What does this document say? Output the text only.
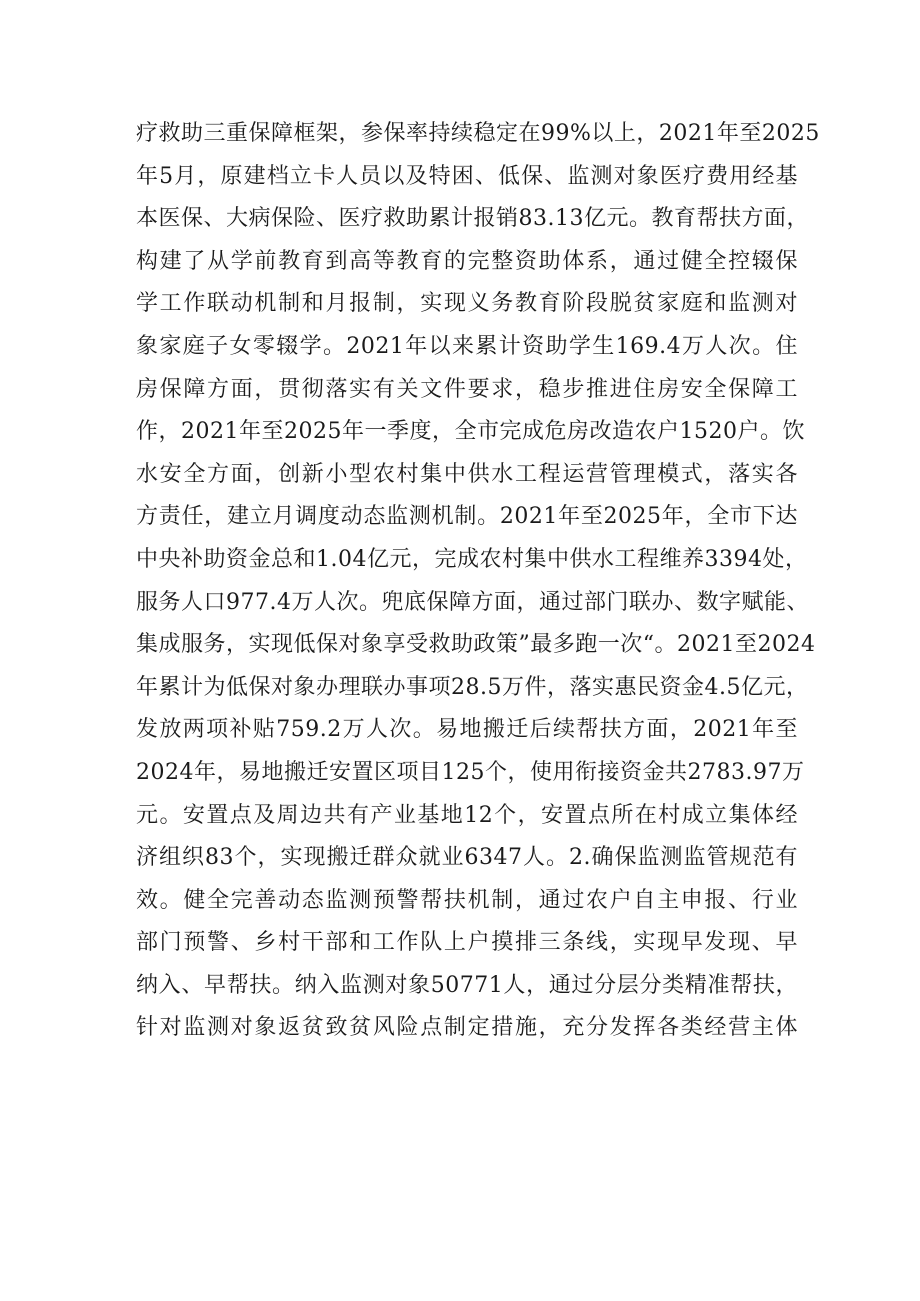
疗救助三重保障框架，参保率持续稳定在99%以上，2021年至2025
年5月，原建档立卡人员以及特困、低保、监测对象医疗费用经基
本医保、大病保险、医疗救助累计报销83.13亿元。教育帮扶方面，
构建了从学前教育到高等教育的完整资助体系，通过健全控辍保
学工作联动机制和月报制，实现义务教育阶段脱贫家庭和监测对
象家庭子女零辍学。2021年以来累计资助学生169.4万人次。住
房保障方面，贯彻落实有关文件要求，稳步推进住房安全保障工
作，2021年至2025年一季度，全市完成危房改造农户1520户。饮
水安全方面，创新小型农村集中供水工程运营管理模式，落实各
方责任，建立月调度动态监测机制。2021年至2025年，全市下达
中央补助资金总和1.04亿元，完成农村集中供水工程维养3394处，
服务人口977.4万人次。兜底保障方面，通过部门联办、数字赋能、
集成服务，实现低保对象享受救助政策”最多跑一次“。2021至2024
年累计为低保对象办理联办事项28.5万件，落实惠民资金4.5亿元，
发放两项补贴759.2万人次。易地搬迁后续帮扶方面，2021年至
2024年，易地搬迁安置区项目125个，使用衔接资金共2783.97万
元。安置点及周边共有产业基地12个，安置点所在村成立集体经
济组织83个，实现搬迁群众就业6347人。2.确保监测监管规范有
效。健全完善动态监测预警帮扶机制，通过农户自主申报、行业
部门预警、乡村干部和工作队上户摸排三条线，实现早发现、早
纳入、早帮扶。纳入监测对象50771人，通过分层分类精准帮扶，
针对监测对象返贫致贫风险点制定措施，充分发挥各类经营主体
